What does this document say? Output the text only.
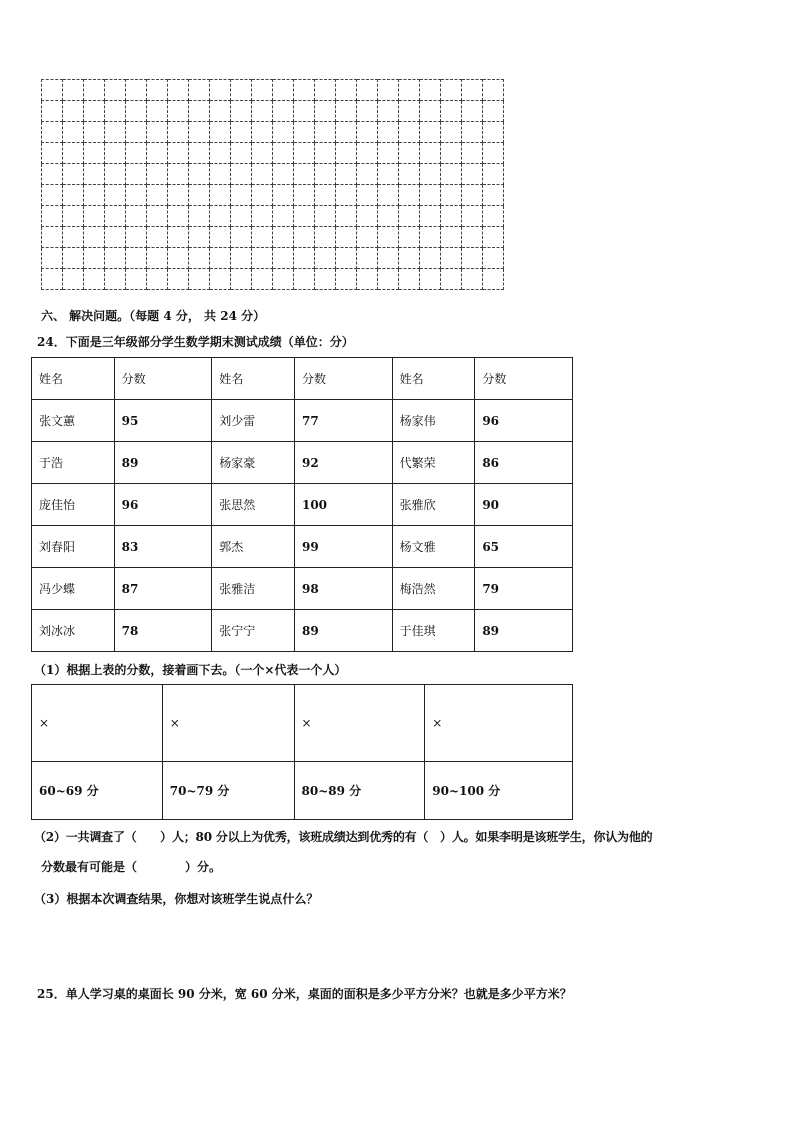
六、 解决问题。（每题 4 分， 共 24 分）
24．下面是三年级部分学生数学期末测试成绩（单位：分）
姓名	分数	姓名	分数	姓名	分数
张文蕙	95	刘少雷	77	杨家伟	96
于浩	89	杨家豪	92	代繁荣	86
庞佳怡	96	张思然	100	张雅欣	90
刘春阳	83	郭杰	99	杨文雅	65
冯少蝶	87	张雅洁	98	梅浩然	79
刘冰冰	78	张宁宁	89	于佳琪	89
（1）根据上表的分数，接着画下去。（一个×代表一个人）
×	×	×	×
60~69 分	70~79 分	80~89 分	90~100 分
（2）一共调查了（　　）人；80 分以上为优秀，该班成绩达到优秀的有（　）人。如果李明是该班学生，你认为他的
分数最有可能是（　　　　）分。
（3）根据本次调查结果，你想对该班学生说点什么？
25．单人学习桌的桌面长 90 分米，宽 60 分米，桌面的面积是多少平方分米？也就是多少平方米？
